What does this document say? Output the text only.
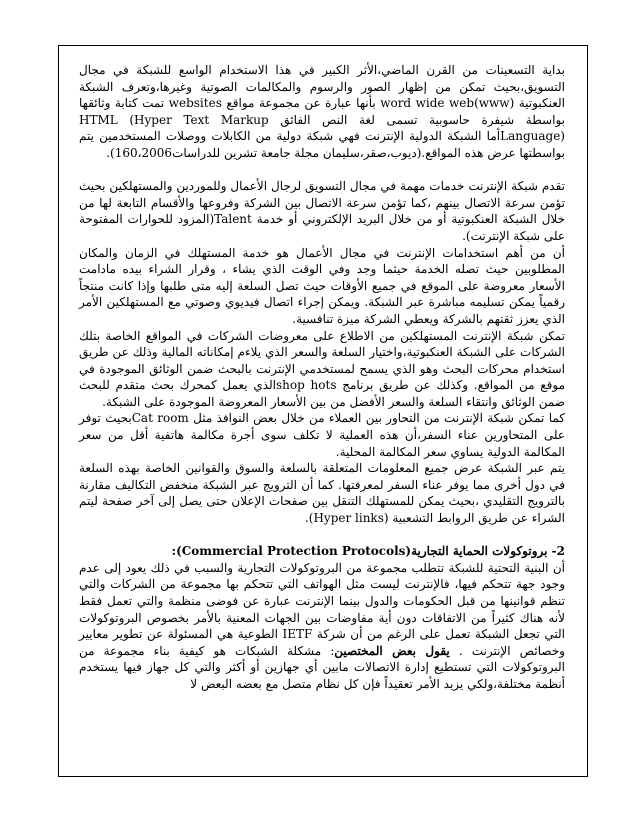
بداية التسعينات من القرن الماضي،الأثر الكبير في هذا الاستخدام الواسع للشبكة في مجال التسويق،بحيث تمكن من إظهار الصور والرسوم والمكالمات الصوتية وغيرها،وتعرف الشبكة العنكبوتية (word wide web(www بأنها عبارة عن مجموعة مواقع websites تمت كتابة وثائقها بواسطة شيفرة حاسوبية تسمى لغة النص الفائق HTML (Hyper Text Markup Language)أما الشبكة الدولية الإنترنت فهي شبكة دولية من الكابلات ووصلات المستخدمين يتم بواسطتها عرض هذه المواقع.(ديوب،صقر،سليمان مجلة جامعة تشرين للدراسات160،2006).

تقدم شبكة الإنترنت خدمات مهمة في مجال التسويق لرجال الأعمال وللموردين والمستهلكين بحيث تؤمن سرعة الاتصال بينهم ،كما تؤمن سرعة الاتصال بين الشركة وفروعها والأقسام التابعة لها من خلال الشبكة العنكبوتية أو من خلال البريد الإلكتروني أو خدمة Talent(المزود للحوارات المفتوحة على شبكة الإنترنت).

أن من أهم استخدامات الإنترنت في مجال الأعمال هو خدمة المستهلك في الزمان والمكان المطلوبين حيث تصله الخدمة حيثما وجد وفي الوقت الذي يشاء ، وقرار الشراء بيده مادامت الأسعار معروضة على الموقع في جميع الأوقات حيث تصل السلعة إليه متى طلبها وإذا كانت منتجاً رقمياً يمكن تسليمه مباشرة عبر الشبكة. ويمكن إجراء اتصال فيديوي وصوتي مع المستهلكين الأمر الذي يعزز ثقتهم بالشركة ويعطي الشركة ميزة تنافسية.

تمكن شبكة الإنترنت المستهلكين من الاطلاع على معروضات الشركات في المواقع الخاصة بتلك الشركات على الشبكة العنكبوتية،واختيار السلعة والسعر الذي يلاءم إمكاناته المالية وذلك عن طريق استخدام محركات البحث وهو الذي يسمح لمستخدمي الإنترنت بالبحث ضمن الوثائق الموجودة في موقع من المواقع. وكذلك عن طريق برنامج shop hotsالذي يعمل كمحرك بحث متقدم للبحث ضمن الوثائق وانتقاء السلعة والسعر الأفضل من بين الأسعار المعروضة الموجودة على الشبكة.

كما تمكن شبكة الإنترنت من التحاور بين العملاء من خلال بعض النوافذ مثل Cat roomبحيث توفر على المتحاورين عناء السفر،أن هذه العملية لا تكلف سوى أجرة مكالمة هاتفية أقل من سعر المكالمة الدولية يساوي سعر المكالمة المحلية.

يتم عبر الشبكة عرض جميع المعلومات المتعلقة بالسلعة والسوق والقوانين الخاصة بهذه السلعة في دول أخرى مما يوفر عناء السفر لمعرفتها. كما أن الترويج عبر الشبكة منخفض التكاليف مقارنة بالترويج التقليدي ،بحيث يمكن للمستهلك التنقل بين صفحات الإعلان حتى يصل إلى آخر صفحة ليتم الشراء عن طريق الروابط التشعبية (Hyper links).

2- بروتوكولات الحماية التجارية(Commercial Protection Protocols):

أن البنية التحتية للشبكة تتطلب مجموعة من البروتوكولات التجارية والسبب في ذلك يعود إلى عدم وجود جهة تتحكم فيها، فالإنترنت ليست مثل الهواتف التي تتحكم بها مجموعة من الشركات والتي تنظم قوانينها من قبل الحكومات والدول بينما الإنترنت عبارة عن فوضى منظمة والتي تعمل فقط لأنه هناك كثيراً من الاتفاقات دون أية مفاوضات بين الجهات المعنية بالأمر بخصوص البروتوكولات التي تجعل الشبكة تعمل على الرغم من أن شركة IETF الطوعية هي المسئولة عن تطوير معايير وخصائص الإنترنت . يقول بعض المختصين: مشكلة الشبكات هو كيفية بناء مجموعة من البروتوكولات التي تستطيع إدارة الاتصالات مابين أي جهازين أو أكثر والتي كل جهاز فيها يستخدم أنظمة مختلفة،ولكي يزيد الأمر تعقيداً فإن كل نظام متصل مع بعضه البعض لا
